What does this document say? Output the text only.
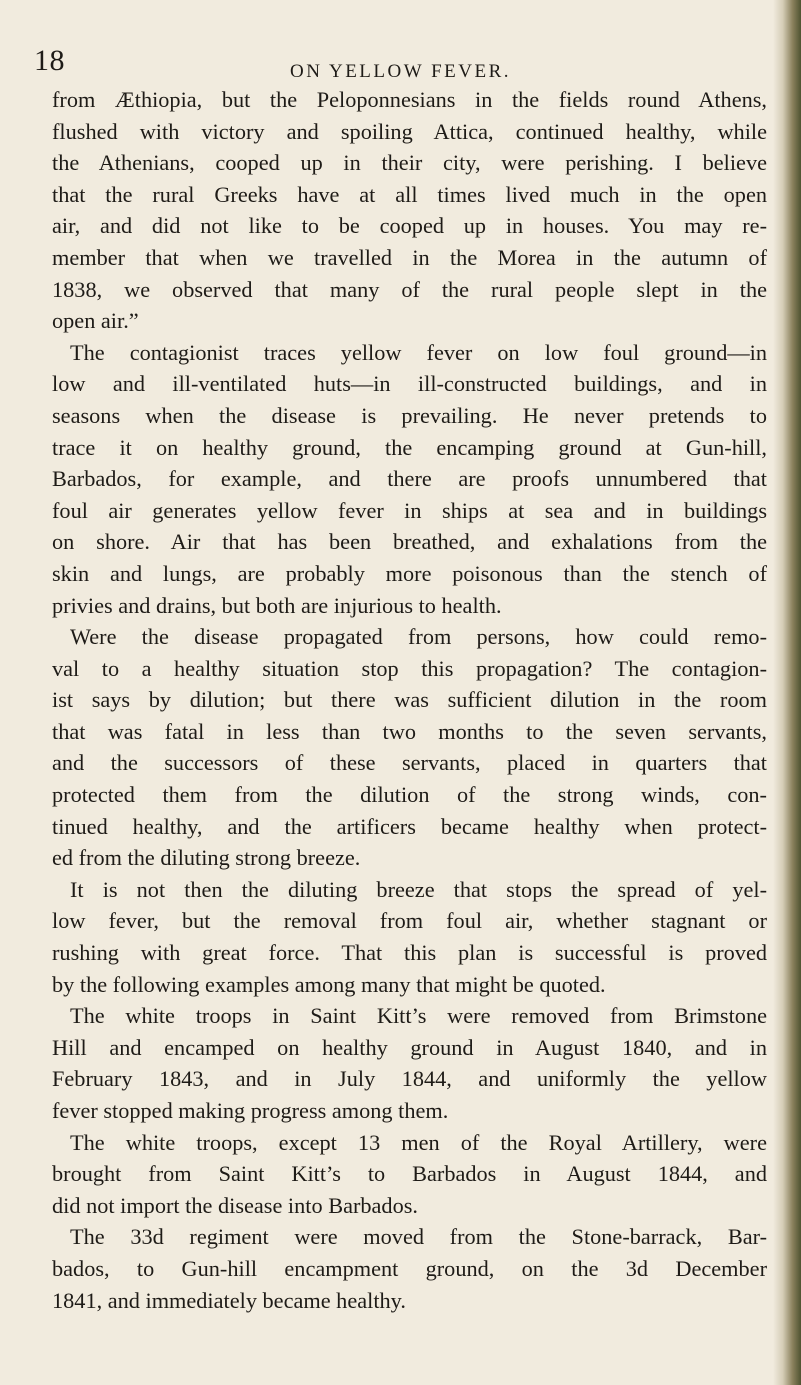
18	ON YELLOW FEVER.
from Æthiopia, but the Peloponnesians in the fields round Athens,
flushed with victory and spoiling Attica, continued healthy, while
the Athenians, cooped up in their city, were perishing. I believe
that the rural Greeks have at all times lived much in the open
air, and did not like to be cooped up in houses. You may re-
member that when we travelled in the Morea in the autumn of
1838, we observed that many of the rural people slept in the
open air.”
The contagionist traces yellow fever on low foul ground—in
low and ill-ventilated huts—in ill-constructed buildings, and in
seasons when the disease is prevailing. He never pretends to
trace it on healthy ground, the encamping ground at Gun-hill,
Barbados, for example, and there are proofs unnumbered that
foul air generates yellow fever in ships at sea and in buildings
on shore. Air that has been breathed, and exhalations from the
skin and lungs, are probably more poisonous than the stench of
privies and drains, but both are injurious to health.
Were the disease propagated from persons, how could remo-
val to a healthy situation stop this propagation? The contagion-
ist says by dilution; but there was sufficient dilution in the room
that was fatal in less than two months to the seven servants,
and the successors of these servants, placed in quarters that
protected them from the dilution of the strong winds, con-
tinued healthy, and the artificers became healthy when protect-
ed from the diluting strong breeze.
It is not then the diluting breeze that stops the spread of yel-
low fever, but the removal from foul air, whether stagnant or
rushing with great force. That this plan is successful is proved
by the following examples among many that might be quoted.
The white troops in Saint Kitt’s were removed from Brimstone
Hill and encamped on healthy ground in August 1840, and in
February 1843, and in July 1844, and uniformly the yellow
fever stopped making progress among them.
The white troops, except 13 men of the Royal Artillery, were
brought from Saint Kitt’s to Barbados in August 1844, and
did not import the disease into Barbados.
The 33d regiment were moved from the Stone-barrack, Bar-
bados, to Gun-hill encampment ground, on the 3d December
1841, and immediately became healthy.
